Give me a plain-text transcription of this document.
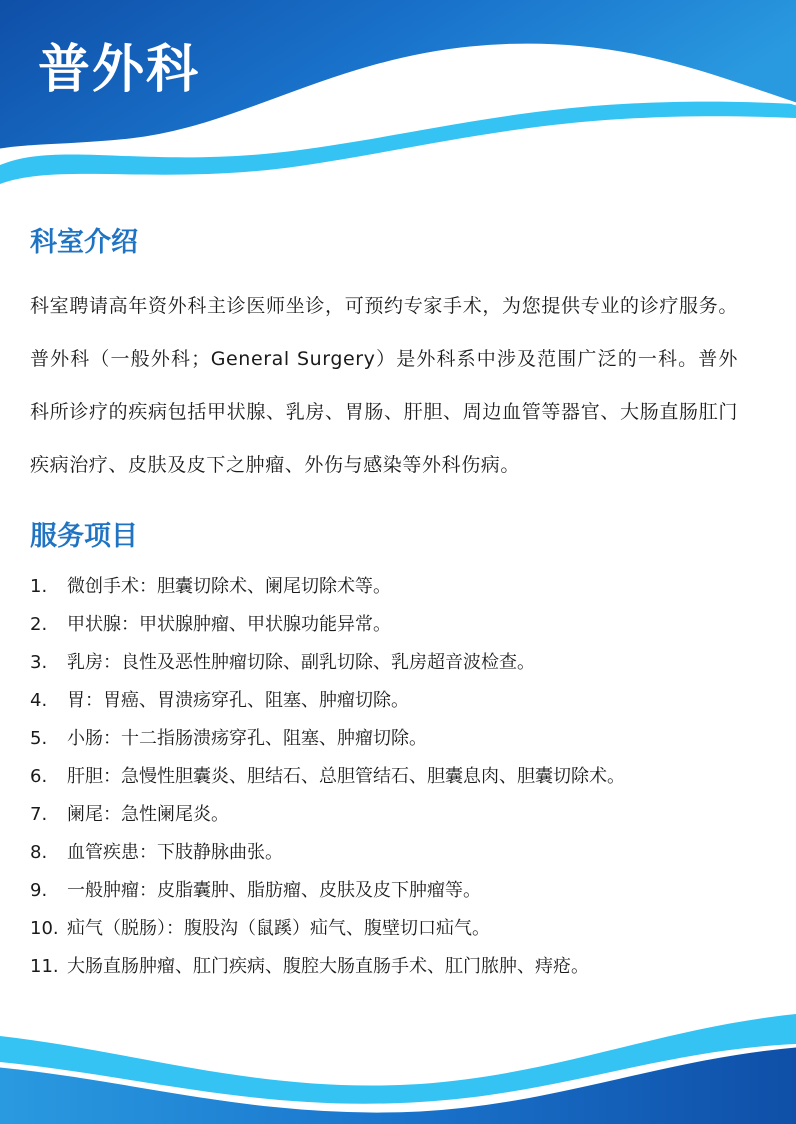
普外科
科室介绍

科室聘请高年资外科主诊医师坐诊，可预约专家手术，为您提供专业的诊疗服务。普外科（一般外科；General Surgery）是外科系中涉及范围广泛的一科。普外科所诊疗的疾病包括甲状腺、乳房、胃肠、肝胆、周边血管等器官、大肠直肠肛门疾病治疗、皮肤及皮下之肿瘤、外伤与感染等外科伤病。

服务项目
1.	微创手术：胆囊切除术、阑尾切除术等。
2.	甲状腺：甲状腺肿瘤、甲状腺功能异常。
3.	乳房：良性及恶性肿瘤切除、副乳切除、乳房超音波检查。
4.	胃：胃癌、胃溃疡穿孔、阻塞、肿瘤切除。
5.	小肠：十二指肠溃疡穿孔、阻塞、肿瘤切除。
6.	肝胆：急慢性胆囊炎、胆结石、总胆管结石、胆囊息肉、胆囊切除术。
7.	阑尾：急性阑尾炎。
8.	血管疾患：下肢静脉曲张。
9.	一般肿瘤：皮脂囊肿、脂肪瘤、皮肤及皮下肿瘤等。
10. 疝气（脱肠）：腹股沟（鼠蹊）疝气、腹壁切口疝气。
11. 大肠直肠肿瘤、肛门疾病、腹腔大肠直肠手术、肛门脓肿、痔疮。
